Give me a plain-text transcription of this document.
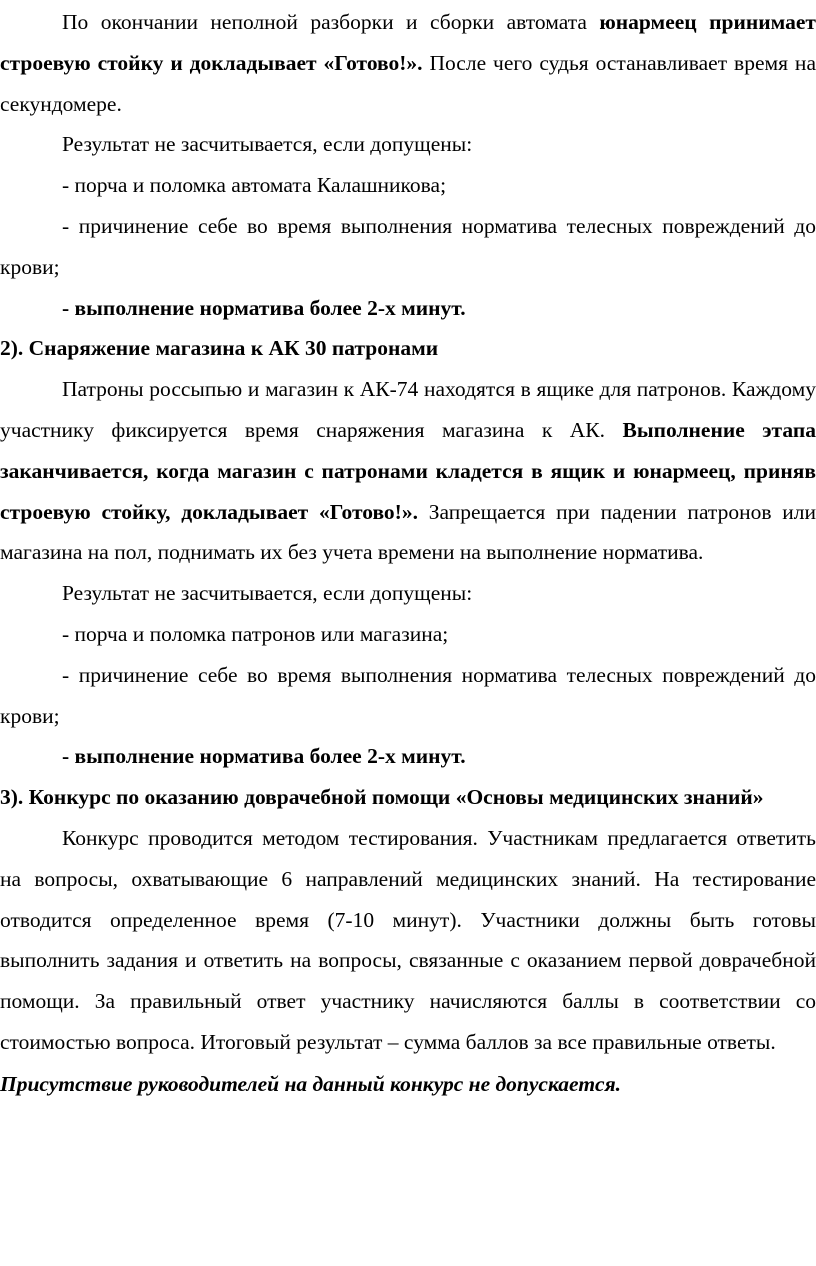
По окончании неполной разборки и сборки автомата юнармеец принимает строевую стойку и докладывает «Готово!». После чего судья останавливает время на секундомере.

Результат не засчитывается, если допущены:

- порча и поломка автомата Калашникова;

- причинение себе во время выполнения норматива телесных повреждений до крови;

- выполнение норматива более 2-х минут.

2). Снаряжение магазина к АК 30 патронами

Патроны россыпью и магазин к АК-74 находятся в ящике для патронов. Каждому участнику фиксируется время снаряжения магазина к АК. Выполнение этапа заканчивается, когда магазин с патронами кладется в ящик и юнармеец, приняв строевую стойку, докладывает «Готово!». Запрещается при падении патронов или магазина на пол, поднимать их без учета времени на выполнение норматива.

Результат не засчитывается, если допущены:

- порча и поломка патронов или магазина;

- причинение себе во время выполнения норматива телесных повреждений до крови;

- выполнение норматива более 2-х минут.

3). Конкурс по оказанию доврачебной помощи «Основы медицинских знаний»

Конкурс проводится методом тестирования. Участникам предлагается ответить на вопросы, охватывающие 6 направлений медицинских знаний. На тестирование отводится определенное время (7-10 минут). Участники должны быть готовы выполнить задания и ответить на вопросы, связанные с оказанием первой доврачебной помощи. За правильный ответ участнику начисляются баллы в соответствии со стоимостью вопроса. Итоговый результат – сумма баллов за все правильные ответы.

Присутствие руководителей на данный конкурс не допускается.
